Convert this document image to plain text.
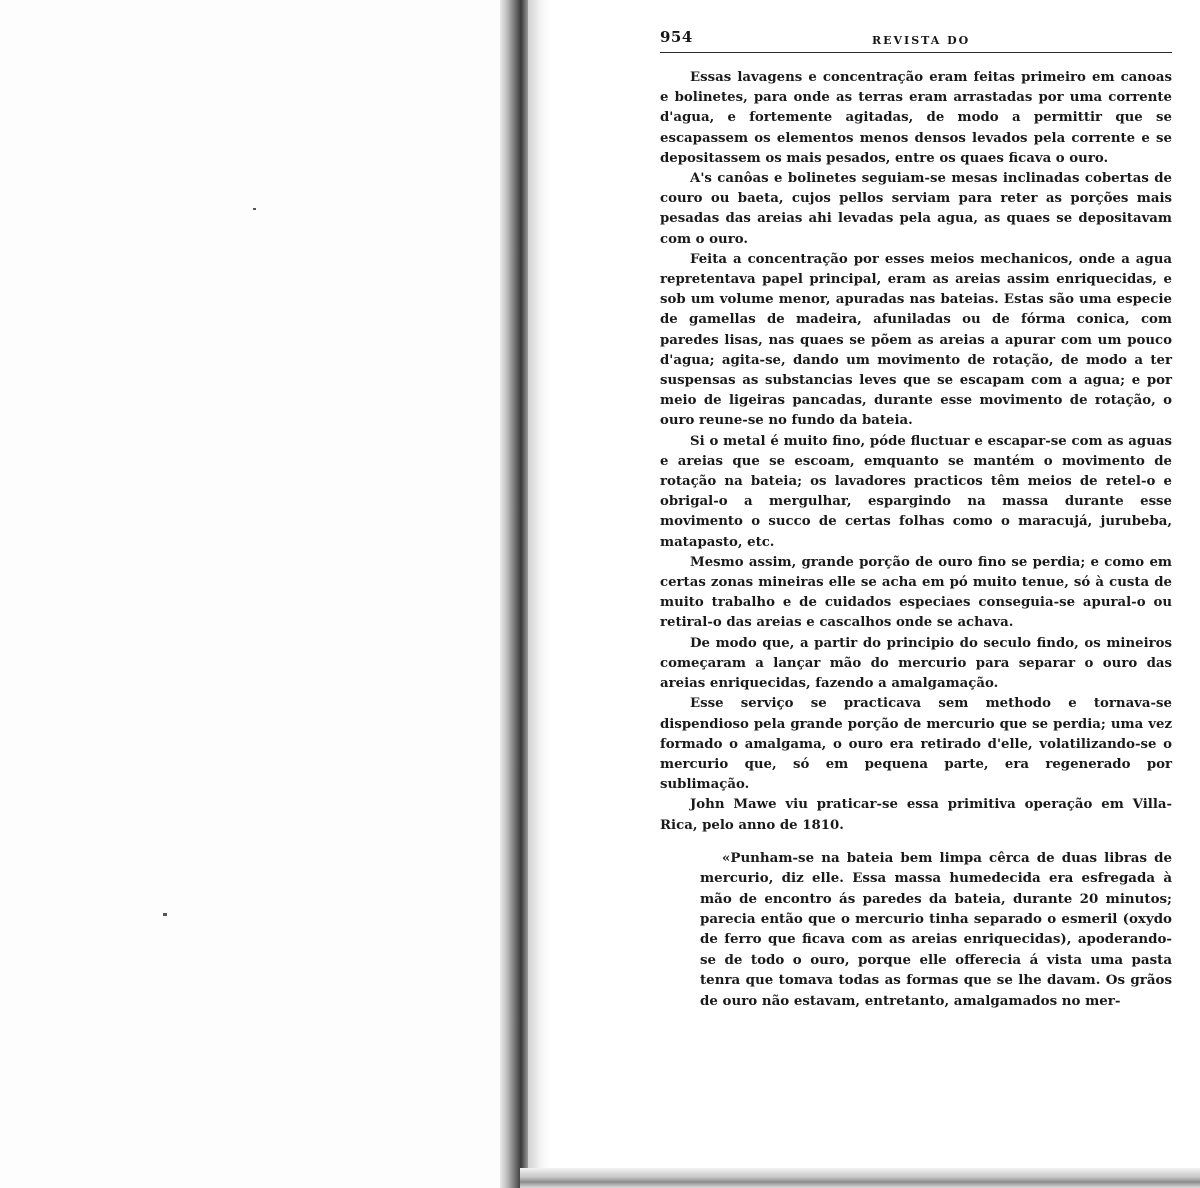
954	REVISTA DO

Essas lavagens e concentração eram feitas primeiro em canoas e bolinetes, para onde as terras eram arrastadas por uma corrente d'agua, e fortemente agitadas, de modo a permittir que se escapassem os elementos menos densos levados pela corrente e se depositassem os mais pesados, entre os quaes ficava o ouro.

A's canôas e bolinetes seguiam-se mesas inclinadas cobertas de couro ou baeta, cujos pellos serviam para reter as porções mais pesadas das areias ahi levadas pela agua, as quaes se depositavam com o ouro.

Feita a concentração por esses meios mechanicos, onde a agua repretentava papel principal, eram as areias assim enriquecidas, e sob um volume menor, apuradas nas bateias. Estas são uma especie de gamellas de madeira, afuniladas ou de fórma conica, com paredes lisas, nas quaes se põem as areias a apurar com um pouco d'agua; agita-se, dando um movimento de rotação, de modo a ter suspensas as substancias leves que se escapam com a agua; e por meio de ligeiras pancadas, durante esse movimento de rotação, o ouro reune-se no fundo da bateia.

Si o metal é muito fino, póde fluctuar e escapar-se com as aguas e areias que se escoam, emquanto se mantém o movimento de rotação na bateia; os lavadores practicos têm meios de retel-o e obrigal-o a mergulhar, espargindo na massa durante esse movimento o succo de certas folhas como o maracujá, jurubeba, matapasto, etc.

Mesmo assim, grande porção de ouro fino se perdia; e como em certas zonas mineiras elle se acha em pó muito tenue, só à custa de muito trabalho e de cuidados especiaes conseguia-se apural-o ou retiral-o das areias e cascalhos onde se achava.

De modo que, a partir do principio do seculo findo, os mineiros começaram a lançar mão do mercurio para separar o ouro das areias enriquecidas, fazendo a amalgamação.

Esse serviço se practicava sem methodo e tornava-se dispendioso pela grande porção de mercurio que se perdia; uma vez formado o amalgama, o ouro era retirado d'elle, volatilizando-se o mercurio que, só em pequena parte, era regenerado por sublimação.

John Mawe viu praticar-se essa primitiva operação em Villa-Rica, pelo anno de 1810.

«Punham-se na bateia bem limpa cêrca de duas libras de mercurio, diz elle. Essa massa humedecida era esfregada à mão de encontro ás paredes da bateia, durante 20 minutos; parecia então que o mercurio tinha separado o esmeril (oxydo de ferro que ficava com as areias enriquecidas), apoderando-se de todo o ouro, porque elle offerecia á vista uma pasta tenra que tomava todas as formas que se lhe davam. Os grãos de ouro não estavam, entretanto, amalgamados no mer-
